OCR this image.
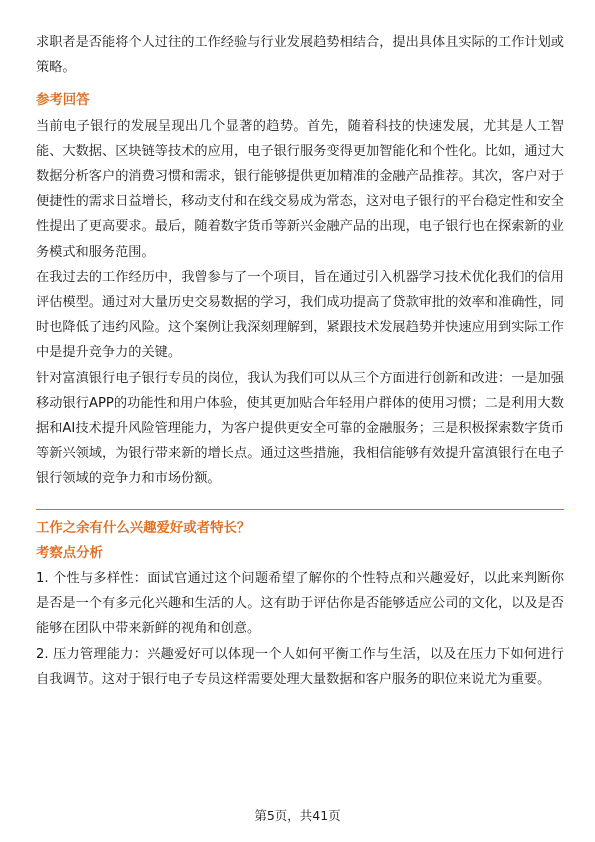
求职者是否能将个人过往的工作经验与行业发展趋势相结合，提出具体且实际的工作计划或策略。

参考回答

当前电子银行的发展呈现出几个显著的趋势。首先，随着科技的快速发展，尤其是人工智能、大数据、区块链等技术的应用，电子银行服务变得更加智能化和个性化。比如，通过大数据分析客户的消费习惯和需求，银行能够提供更加精准的金融产品推荐。其次，客户对于便捷性的需求日益增长，移动支付和在线交易成为常态，这对电子银行的平台稳定性和安全性提出了更高要求。最后，随着数字货币等新兴金融产品的出现，电子银行也在探索新的业务模式和服务范围。

在我过去的工作经历中，我曾参与了一个项目，旨在通过引入机器学习技术优化我们的信用评估模型。通过对大量历史交易数据的学习，我们成功提高了贷款审批的效率和准确性，同时也降低了违约风险。这个案例让我深刻理解到，紧跟技术发展趋势并快速应用到实际工作中是提升竞争力的关键。

针对富滇银行电子银行专员的岗位，我认为我们可以从三个方面进行创新和改进：一是加强移动银行APP的功能性和用户体验，使其更加贴合年轻用户群体的使用习惯；二是利用大数据和AI技术提升风险管理能力，为客户提供更安全可靠的金融服务；三是积极探索数字货币等新兴领域，为银行带来新的增长点。通过这些措施，我相信能够有效提升富滇银行在电子银行领域的竞争力和市场份额。

工作之余有什么兴趣爱好或者特长？

考察点分析

1. 个性与多样性：面试官通过这个问题希望了解你的个性特点和兴趣爱好，以此来判断你是否是一个有多元化兴趣和生活的人。这有助于评估你是否能够适应公司的文化，以及是否能够在团队中带来新鲜的视角和创意。

2. 压力管理能力：兴趣爱好可以体现一个人如何平衡工作与生活，以及在压力下如何进行自我调节。这对于银行电子专员这样需要处理大量数据和客户服务的职位来说尤为重要。

第5页，共41页
